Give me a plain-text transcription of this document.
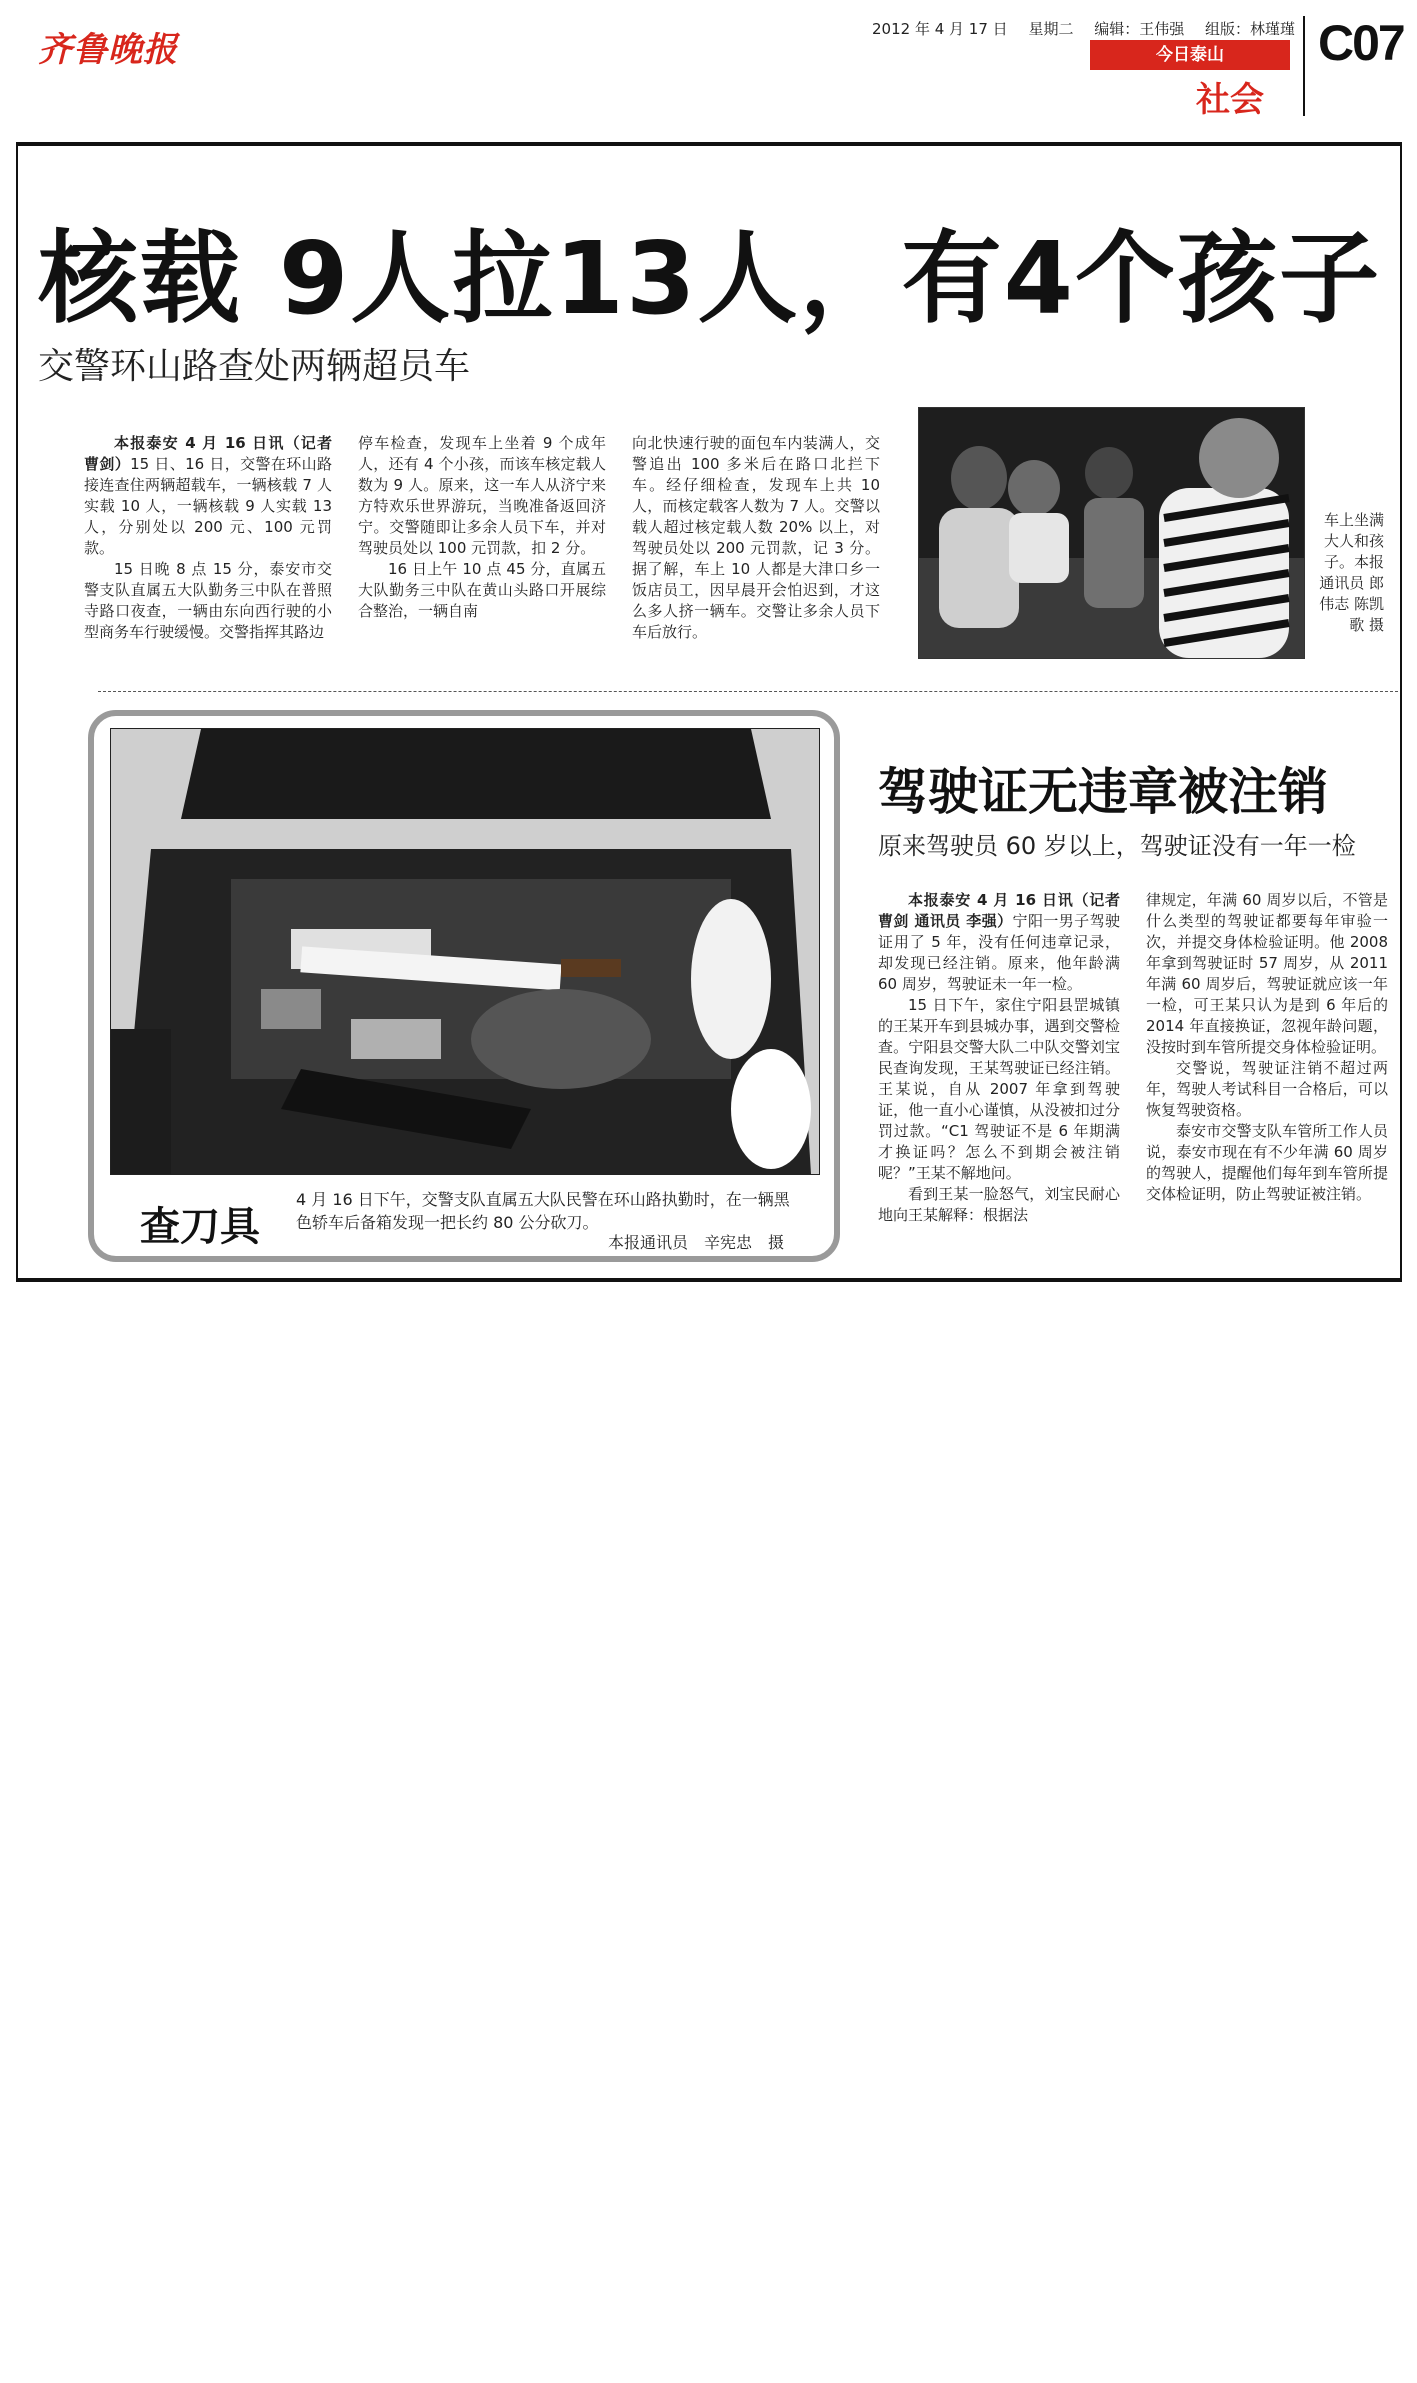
齐鲁晚报
2012 年 4 月 17 日 星期二 编辑：王伟强 组版：林瑾瑾
今日泰山
社会
C07
核载 9人拉13人，有4个孩子
交警环山路查处两辆超员车

本报泰安 4 月 16 日讯（记者 曹剑）15 日、16 日，交警在环山路接连查住两辆超载车，一辆核载 7 人实载 10 人，一辆核载 9 人实载 13 人，分别处以 200 元、100 元罚款。

15 日晚 8 点 15 分，泰安市交警支队直属五大队勤务三中队在普照寺路口夜查，一辆由东向西行驶的小型商务车行驶缓慢。交警指挥其路边

停车检查，发现车上坐着 9 个成年人，还有 4 个小孩，而该车核定载人数为 9 人。原来，这一车人从济宁来方特欢乐世界游玩，当晚准备返回济宁。交警随即让多余人员下车，并对驾驶员处以 100 元罚款，扣 2 分。

16 日上午 10 点 45 分，直属五大队勤务三中队在黄山头路口开展综合整治，一辆自南

向北快速行驶的面包车内装满人，交警追出 100 多米后在路口北拦下车。经仔细检查，发现车上共 10 人，而核定载客人数为 7 人。交警以载人超过核定载人数 20% 以上，对驾驶员处以 200 元罚款，记 3 分。据了解，车上 10 人都是大津口乡一饭店员工，因早晨开会怕迟到，才这么多人挤一辆车。交警让多余人员下车后放行。

车上坐满大人和孩子。本报通讯员 郎伟志 陈凯歌 摄
查刀具
4 月 16 日下午，交警支队直属五大队民警在环山路执勤时，在一辆黑色轿车后备箱发现一把长约 80 公分砍刀。
本报通讯员　辛宪忠　摄
驾驶证无违章被注销
原来驾驶员 60 岁以上，驾驶证没有一年一检

本报泰安 4 月 16 日讯（记者 曹剑 通讯员 李强）宁阳一男子驾驶证用了 5 年，没有任何违章记录，却发现已经注销。原来，他年龄满 60 周岁，驾驶证未一年一检。

15 日下午，家住宁阳县罡城镇的王某开车到县城办事，遇到交警检查。宁阳县交警大队二中队交警刘宝民查询发现，王某驾驶证已经注销。王某说，自从 2007 年拿到驾驶证，他一直小心谨慎，从没被扣过分罚过款。“C1 驾驶证不是 6 年期满才换证吗？怎么不到期会被注销呢？”王某不解地问。

看到王某一脸怒气，刘宝民耐心地向王某解释：根据法

律规定，年满 60 周岁以后，不管是什么类型的驾驶证都要每年审验一次，并提交身体检验证明。他 2008 年拿到驾驶证时 57 周岁，从 2011 年满 60 周岁后，驾驶证就应该一年一检，可王某只认为是到 6 年后的 2014 年直接换证，忽视年龄问题，没按时到车管所提交身体检验证明。

交警说，驾驶证注销不超过两年，驾驶人考试科目一合格后，可以恢复驾驶资格。

泰安市交警支队车管所工作人员说，泰安市现在有不少年满 60 周岁的驾驶人，提醒他们每年到车管所提交体检证明，防止驾驶证被注销。
